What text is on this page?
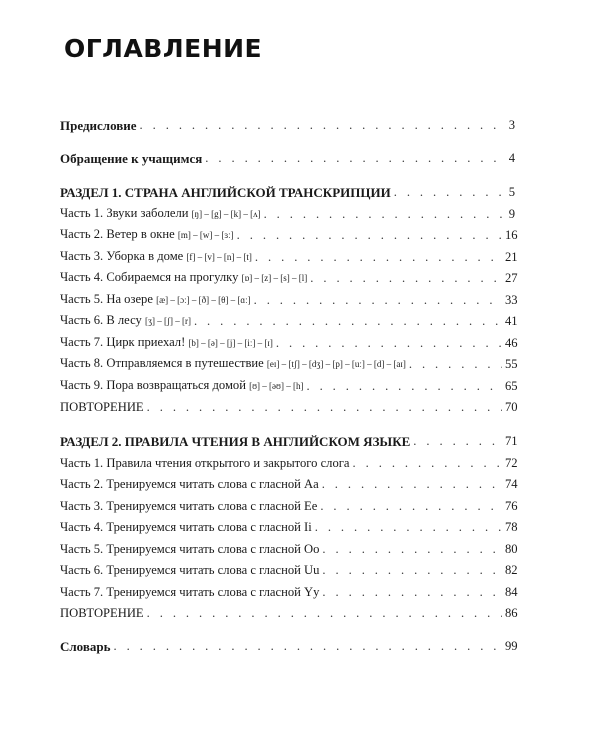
ОГЛАВЛЕНИЕ
Предисловие . . .	3
Обращение к учащимся . . .	4
РАЗДЕЛ 1. СТРАНА АНГЛИЙСКОЙ ТРАНСКРИПЦИИ . . .	5
Часть 1. Звуки заболели [ŋ] – [g] – [k] – [ʌ] . . .	9
Часть 2. Ветер в окне [m] – [w] – [ɜː] . . .	16
Часть 3. Уборка в доме [f] – [v] – [n] – [t] . . .	21
Часть 4. Собираемся на прогулку [ɒ] – [z] – [s] – [l] . . .	27
Часть 5. На озере [æ] – [ɔː] – [ð] – [θ] – [ɑː] . . .	33
Часть 6. В лесу [ʒ] – [ʃ] – [r] . . .	41
Часть 7. Цирк приехал! [b] – [ə] – [j] – [iː] – [ɪ] . . .	46
Часть 8. Отправляемся в путешествие [eɪ] – [tʃ] – [dʒ] – [p] – [uː] – [d] – [aɪ] . . .	55
Часть 9. Пора возвращаться домой [ʊ] – [əʊ] – [h] . . .	65
ПОВТОРЕНИЕ . . .	70
РАЗДЕЛ 2. ПРАВИЛА ЧТЕНИЯ В АНГЛИЙСКОМ ЯЗЫКЕ . . .	71
Часть 1. Правила чтения открытого и закрытого слога . . .	72
Часть 2. Тренируемся читать слова с гласной Aa . . .	74
Часть 3. Тренируемся читать слова с гласной Ee . . .	76
Часть 4. Тренируемся читать слова с гласной Ii . . .	78
Часть 5. Тренируемся читать слова с гласной Oo . . .	80
Часть 6. Тренируемся читать слова с гласной Uu . . .	82
Часть 7. Тренируемся читать слова с гласной Yy . . .	84
ПОВТОРЕНИЕ . . .	86
Словарь . . .	99
